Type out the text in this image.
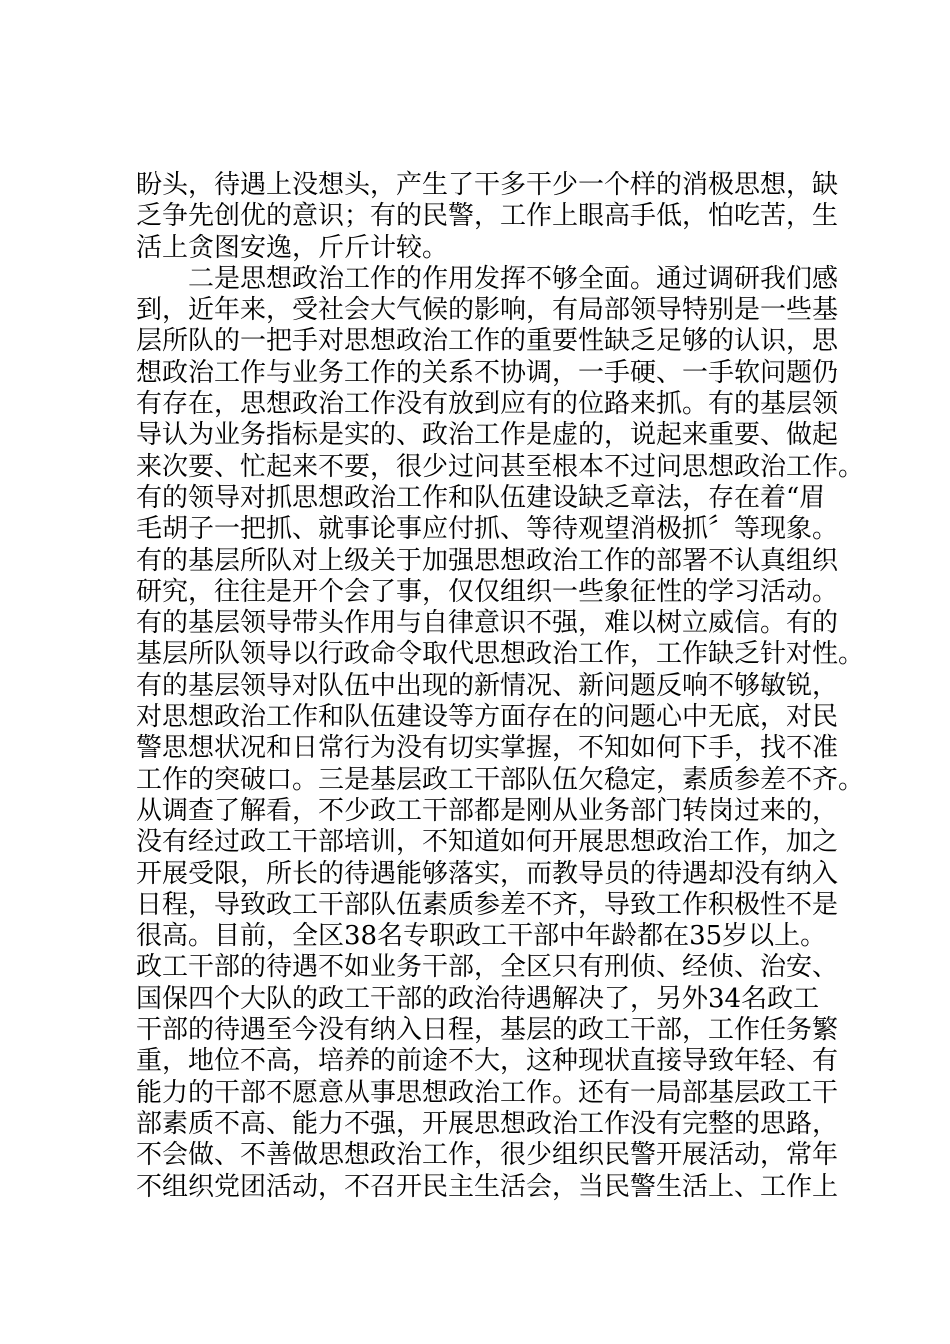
盼头，待遇上没想头，产生了干多干少一个样的消极思想，缺
乏争先创优的意识；有的民警，工作上眼高手低，怕吃苦，生
活上贪图安逸，斤斤计较。
　　二是思想政治工作的作用发挥不够全面。通过调研我们感
到，近年来，受社会大气候的影响，有局部领导特别是一些基
层所队的一把手对思想政治工作的重要性缺乏足够的认识，思
想政治工作与业务工作的关系不协调，一手硬、一手软问题仍
有存在，思想政治工作没有放到应有的位路来抓。有的基层领
导认为业务指标是实的、政治工作是虚的，说起来重要、做起
来次要、忙起来不要，很少过问甚至根本不过问思想政治工作。
有的领导对抓思想政治工作和队伍建设缺乏章法，存在着“眉
毛胡子一把抓、就事论事应付抓、等待观望消极抓〞等现象。
有的基层所队对上级关于加强思想政治工作的部署不认真组织
研究，往往是开个会了事，仅仅组织一些象征性的学习活动。
有的基层领导带头作用与自律意识不强，难以树立威信。有的
基层所队领导以行政命令取代思想政治工作，工作缺乏针对性。
有的基层领导对队伍中出现的新情况、新问题反响不够敏锐，
对思想政治工作和队伍建设等方面存在的问题心中无底，对民
警思想状况和日常行为没有切实掌握，不知如何下手，找不准
工作的突破口。三是基层政工干部队伍欠稳定，素质参差不齐。
从调查了解看，不少政工干部都是刚从业务部门转岗过来的，
没有经过政工干部培训，不知道如何开展思想政治工作，加之
开展受限，所长的待遇能够落实，而教导员的待遇却没有纳入
日程，导致政工干部队伍素质参差不齐，导致工作积极性不是
很高。目前，全区38名专职政工干部中年龄都在35岁以上。
政工干部的待遇不如业务干部，全区只有刑侦、经侦、治安、
国保四个大队的政工干部的政治待遇解决了，另外34名政工
干部的待遇至今没有纳入日程，基层的政工干部，工作任务繁
重，地位不高，培养的前途不大，这种现状直接导致年轻、有
能力的干部不愿意从事思想政治工作。还有一局部基层政工干
部素质不高、能力不强，开展思想政治工作没有完整的思路，
不会做、不善做思想政治工作，很少组织民警开展活动，常年
不组织党团活动，不召开民主生活会，当民警生活上、工作上
